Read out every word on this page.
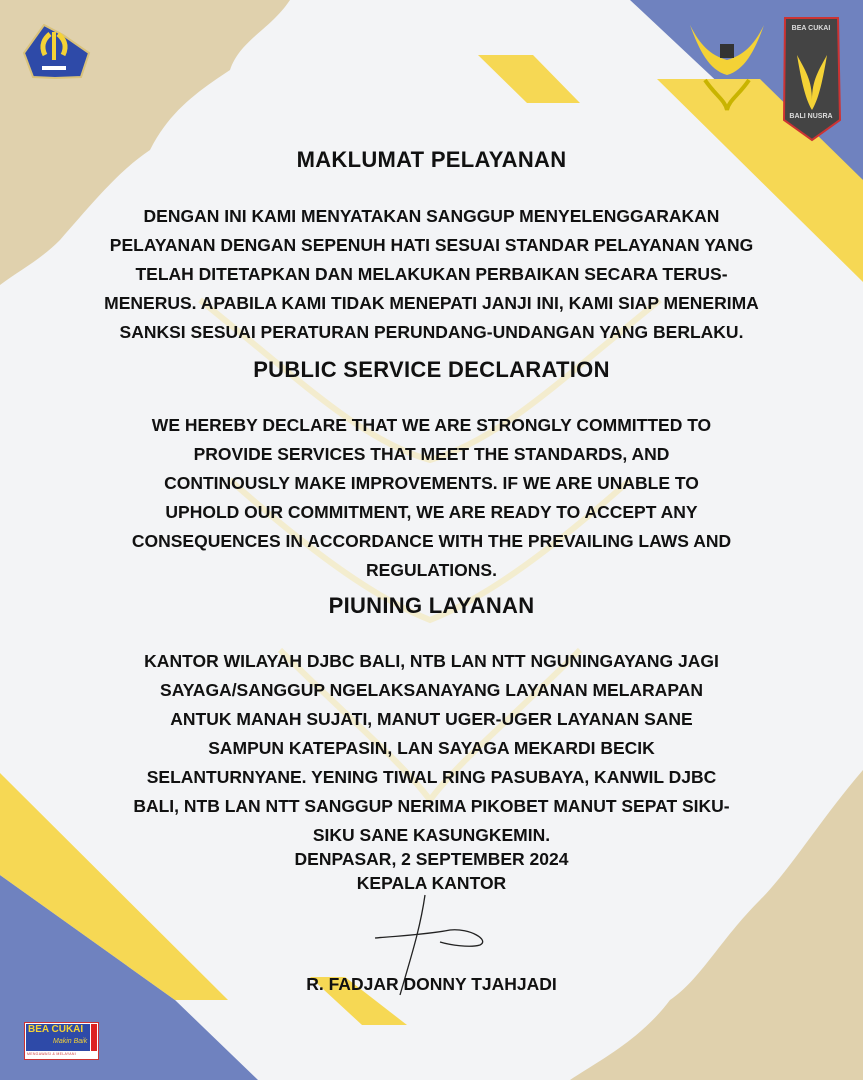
BEA CUKAI
BALI NUSRA
BEA CUKAI
Makin Baik
MENGAWASI & MELAYANI
MAKLUMAT PELAYANAN

DENGAN INI KAMI MENYATAKAN SANGGUP MENYELENGGARAKAN
PELAYANAN DENGAN SEPENUH HATI SESUAI STANDAR PELAYANAN YANG
TELAH DITETAPKAN DAN MELAKUKAN PERBAIKAN SECARA TERUS-
MENERUS. APABILA KAMI TIDAK MENEPATI JANJI INI, KAMI SIAP MENERIMA
SANKSI SESUAI PERATURAN PERUNDANG-UNDANGAN YANG BERLAKU.

PUBLIC SERVICE DECLARATION

WE HEREBY DECLARE THAT WE ARE STRONGLY COMMITTED TO
PROVIDE SERVICES THAT MEET THE STANDARDS, AND
CONTINOUSLY MAKE IMPROVEMENTS. IF WE ARE UNABLE TO
UPHOLD OUR COMMITMENT, WE ARE READY TO ACCEPT ANY
CONSEQUENCES IN ACCORDANCE WITH THE PREVAILING LAWS AND
REGULATIONS.

PIUNING LAYANAN

KANTOR WILAYAH DJBC BALI, NTB LAN NTT NGUNINGAYANG JAGI
SAYAGA/SANGGUP NGELAKSANAYANG LAYANAN MELARAPAN
ANTUK MANAH SUJATI, MANUT UGER-UGER LAYANAN SANE
SAMPUN KATEPASIN, LAN SAYAGA MEKARDI BECIK
SELANTURNYANE. YENING TIWAL RING PASUBAYA, KANWIL DJBC
BALI, NTB LAN NTT SANGGUP NERIMA PIKOBET MANUT SEPAT SIKU-
SIKU SANE KASUNGKEMIN.

DENPASAR, 2 SEPTEMBER 2024

KEPALA KANTOR

R. FADJAR DONNY TJAHJADI
